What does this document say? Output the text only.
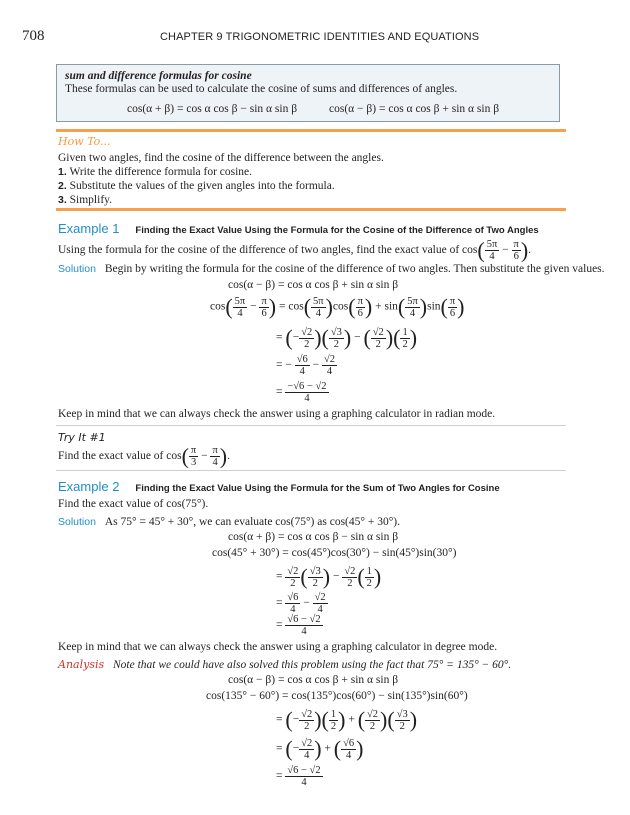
708	CHAPTER 9 TRIGONOMETRIC IDENTITIES AND EQUATIONS
sum and difference formulas for cosine
These formulas can be used to calculate the cosine of sums and differences of angles.
cos(α + β) = cos α cos β − sin α sin β	cos(α − β) = cos α cos β + sin α sin β
How To...
Given two angles, find the cosine of the difference between the angles.
1. Write the difference formula for cosine.
2. Substitute the values of the given angles into the formula.
3. Simplify.
Example 1 Finding the Exact Value Using the Formula for the Cosine of the Difference of Two Angles
Using the formula for the cosine of the difference of two angles, find the exact value of $\cos( \frac{5\pi}{4} - \frac{\pi}{6}$ ).
Solution Begin by writing the formula for the cosine of the difference of two angles. Then substitute the given values.
cos(α − β) = cos α cos β + sin α sin β
$\cos( \frac{5\pi}{4} - \frac{\pi}{6}$ ) = $\cos( \frac{5\pi}{4} )\cos( \frac{\pi}{6}$ ) + $\sin( \frac{5\pi}{4} )\sin( \frac{\pi}{6}$ )
= (− $\frac{√2}{2}$ )( $\frac{√3}{2}$ ) − ( $\frac{√2}{2}$ )( $\frac{1}{2}$ )
= − $\frac{√6}{4} - \frac{√2}{4}$
= $\frac{-√6 - √2}{4}$
Keep in mind that we can always check the answer using a graphing calculator in radian mode.
Try It #1
Find the exact value of $\cos( \frac{\pi}{3} - \frac{\pi}{4}$ ).
Example 2 Finding the Exact Value Using the Formula for the Sum of Two Angles for Cosine
Find the exact value of cos(75°).
Solution As 75° = 45° + 30°, we can evaluate cos(75°) as cos(45° + 30°).
cos(α + β) = cos α cos β − sin α sin β
cos(45° + 30°) = cos(45°)cos(30°) − sin(45°)sin(30°)
= $\frac{√2}{2}$ ( $\frac{√3}{2}$ ) − $\frac{√2}{2}$ ( $\frac{1}{2}$ )
= $\frac{√6}{4} - \frac{√2}{4}$
= $\frac{√6 - √2}{4}$
Keep in mind that we can always check the answer using a graphing calculator in degree mode.
Analysis Note that we could have also solved this problem using the fact that 75° = 135° − 60°.
cos(α − β) = cos α cos β + sin α sin β
cos(135° − 60°) = cos(135°)cos(60°) − sin(135°)sin(60°)
= (− $\frac{√2}{2}$ )( $\frac{1}{2}$ ) + ( $\frac{√2}{2}$ )( $\frac{√3}{2}$ )
= (− $\frac{√2}{4}$ ) + ( $\frac{√6}{4}$ )
= $\frac{√6 - √2}{4}$
